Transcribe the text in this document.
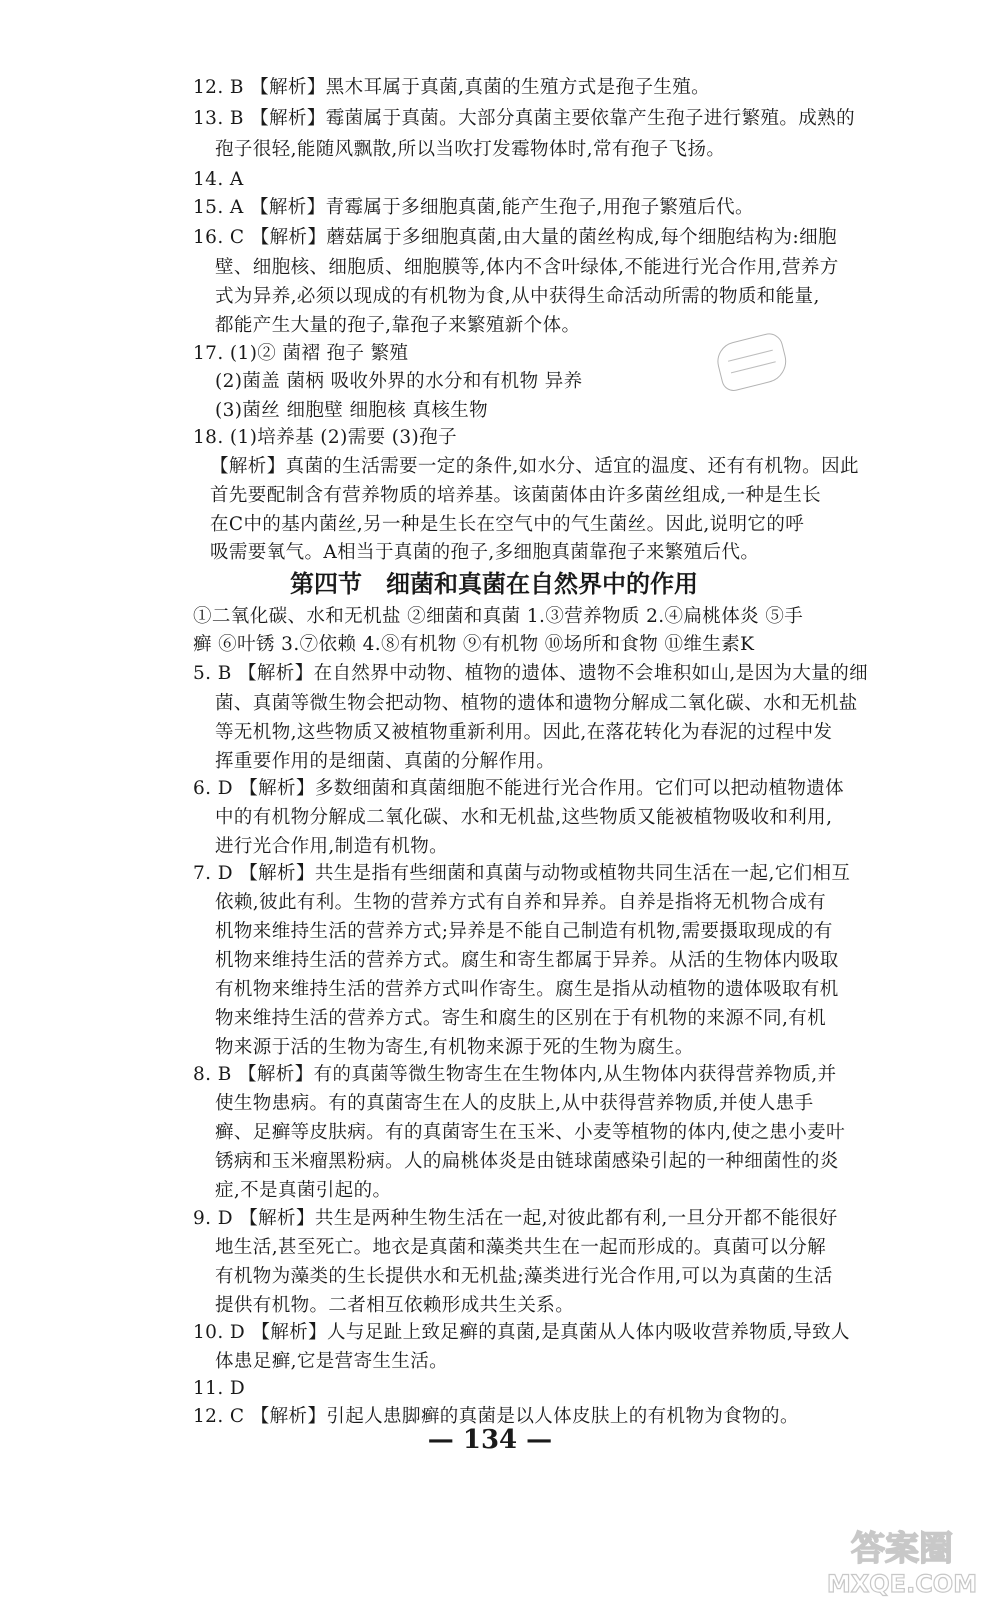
12. B 【解析】黑木耳属于真菌,真菌的生殖方式是孢子生殖。
13. B 【解析】霉菌属于真菌。大部分真菌主要依靠产生孢子进行繁殖。成熟的
孢子很轻,能随风飘散,所以当吹打发霉物体时,常有孢子飞扬。
14. A
15. A 【解析】青霉属于多细胞真菌,能产生孢子,用孢子繁殖后代。
16. C 【解析】蘑菇属于多细胞真菌,由大量的菌丝构成,每个细胞结构为:细胞
壁、细胞核、细胞质、细胞膜等,体内不含叶绿体,不能进行光合作用,营养方
式为异养,必须以现成的有机物为食,从中获得生命活动所需的物质和能量,
都能产生大量的孢子,靠孢子来繁殖新个体。
17. (1)② 菌褶 孢子 繁殖
(2)菌盖 菌柄 吸收外界的水分和有机物 异养
(3)菌丝 细胞壁 细胞核 真核生物
18. (1)培养基 (2)需要 (3)孢子
【解析】真菌的生活需要一定的条件,如水分、适宜的温度、还有有机物。因此
首先要配制含有营养物质的培养基。该菌菌体由许多菌丝组成,一种是生长
在C中的基内菌丝,另一种是生长在空气中的气生菌丝。因此,说明它的呼
吸需要氧气。A相当于真菌的孢子,多细胞真菌靠孢子来繁殖后代。
第四节　细菌和真菌在自然界中的作用
①二氧化碳、水和无机盐 ②细菌和真菌 1.③营养物质 2.④扁桃体炎 ⑤手
癣 ⑥叶锈 3.⑦依赖 4.⑧有机物 ⑨有机物 ⑩场所和食物 ⑪维生素K
5. B 【解析】在自然界中动物、植物的遗体、遗物不会堆积如山,是因为大量的细
菌、真菌等微生物会把动物、植物的遗体和遗物分解成二氧化碳、水和无机盐
等无机物,这些物质又被植物重新利用。因此,在落花转化为春泥的过程中发
挥重要作用的是细菌、真菌的分解作用。
6. D 【解析】多数细菌和真菌细胞不能进行光合作用。它们可以把动植物遗体
中的有机物分解成二氧化碳、水和无机盐,这些物质又能被植物吸收和利用,
进行光合作用,制造有机物。
7. D 【解析】共生是指有些细菌和真菌与动物或植物共同生活在一起,它们相互
依赖,彼此有利。生物的营养方式有自养和异养。自养是指将无机物合成有
机物来维持生活的营养方式;异养是不能自己制造有机物,需要摄取现成的有
机物来维持生活的营养方式。腐生和寄生都属于异养。从活的生物体内吸取
有机物来维持生活的营养方式叫作寄生。腐生是指从动植物的遗体吸取有机
物来维持生活的营养方式。寄生和腐生的区别在于有机物的来源不同,有机
物来源于活的生物为寄生,有机物来源于死的生物为腐生。
8. B 【解析】有的真菌等微生物寄生在生物体内,从生物体内获得营养物质,并
使生物患病。有的真菌寄生在人的皮肤上,从中获得营养物质,并使人患手
癣、足癣等皮肤病。有的真菌寄生在玉米、小麦等植物的体内,使之患小麦叶
锈病和玉米瘤黑粉病。人的扁桃体炎是由链球菌感染引起的一种细菌性的炎
症,不是真菌引起的。
9. D 【解析】共生是两种生物生活在一起,对彼此都有利,一旦分开都不能很好
地生活,甚至死亡。地衣是真菌和藻类共生在一起而形成的。真菌可以分解
有机物为藻类的生长提供水和无机盐;藻类进行光合作用,可以为真菌的生活
提供有机物。二者相互依赖形成共生关系。
10. D 【解析】人与足趾上致足癣的真菌,是真菌从人体内吸收营养物质,导致人
体患足癣,它是营寄生生活。
11. D
12. C 【解析】引起人患脚癣的真菌是以人体皮肤上的有机物为食物的。
— 134 —
答案圈
MXQE.COM
